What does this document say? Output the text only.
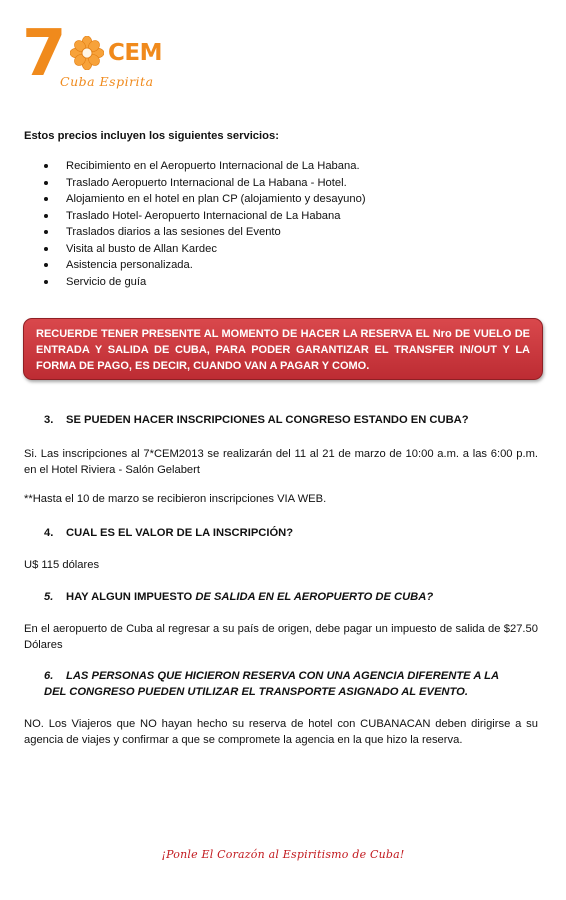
7 CEM
Cuba Espirita
Estos precios incluyen los siguientes servicios:
Recibimiento en el Aeropuerto Internacional de La Habana.
Traslado Aeropuerto Internacional de La Habana - Hotel.
Alojamiento en el hotel en plan CP (alojamiento y desayuno)
Traslado Hotel- Aeropuerto Internacional de La Habana
Traslados diarios a las sesiones del Evento
Visita al busto de Allan Kardec
Asistencia personalizada.
Servicio de guía
RECUERDE TENER PRESENTE AL MOMENTO DE HACER LA RESERVA EL Nro DE VUELO DE ENTRADA Y SALIDA DE CUBA, PARA PODER GARANTIZAR EL TRANSFER IN/OUT Y LA FORMA DE PAGO, ES DECIR, CUANDO VAN A PAGAR Y COMO.
3. SE PUEDEN HACER INSCRIPCIONES AL CONGRESO ESTANDO EN CUBA?
Si. Las inscripciones al 7*CEM2013 se realizarán del 11 al 21 de marzo de 10:00 a.m. a las 6:00 p.m. en el Hotel Riviera - Salón Gelabert
**Hasta el 10 de marzo se recibieron inscripciones VIA WEB.
4. CUAL ES EL VALOR DE LA INSCRIPCIÓN?
U$ 115 dólares
5. HAY ALGUN IMPUESTO DE SALIDA EN EL AEROPUERTO DE CUBA?
En el aeropuerto de Cuba al regresar a su país de origen, debe pagar un impuesto de salida de $27.50 Dólares
6. LAS PERSONAS QUE HICIERON RESERVA CON UNA AGENCIA DIFERENTE A LA DEL CONGRESO PUEDEN UTILIZAR EL TRANSPORTE ASIGNADO AL EVENTO.
NO. Los Viajeros que NO hayan hecho su reserva de hotel con CUBANACAN deben dirigirse a su agencia de viajes y confirmar a que se compromete la agencia en la que hizo la reserva.
¡Ponle El Corazón al Espiritismo de Cuba!
